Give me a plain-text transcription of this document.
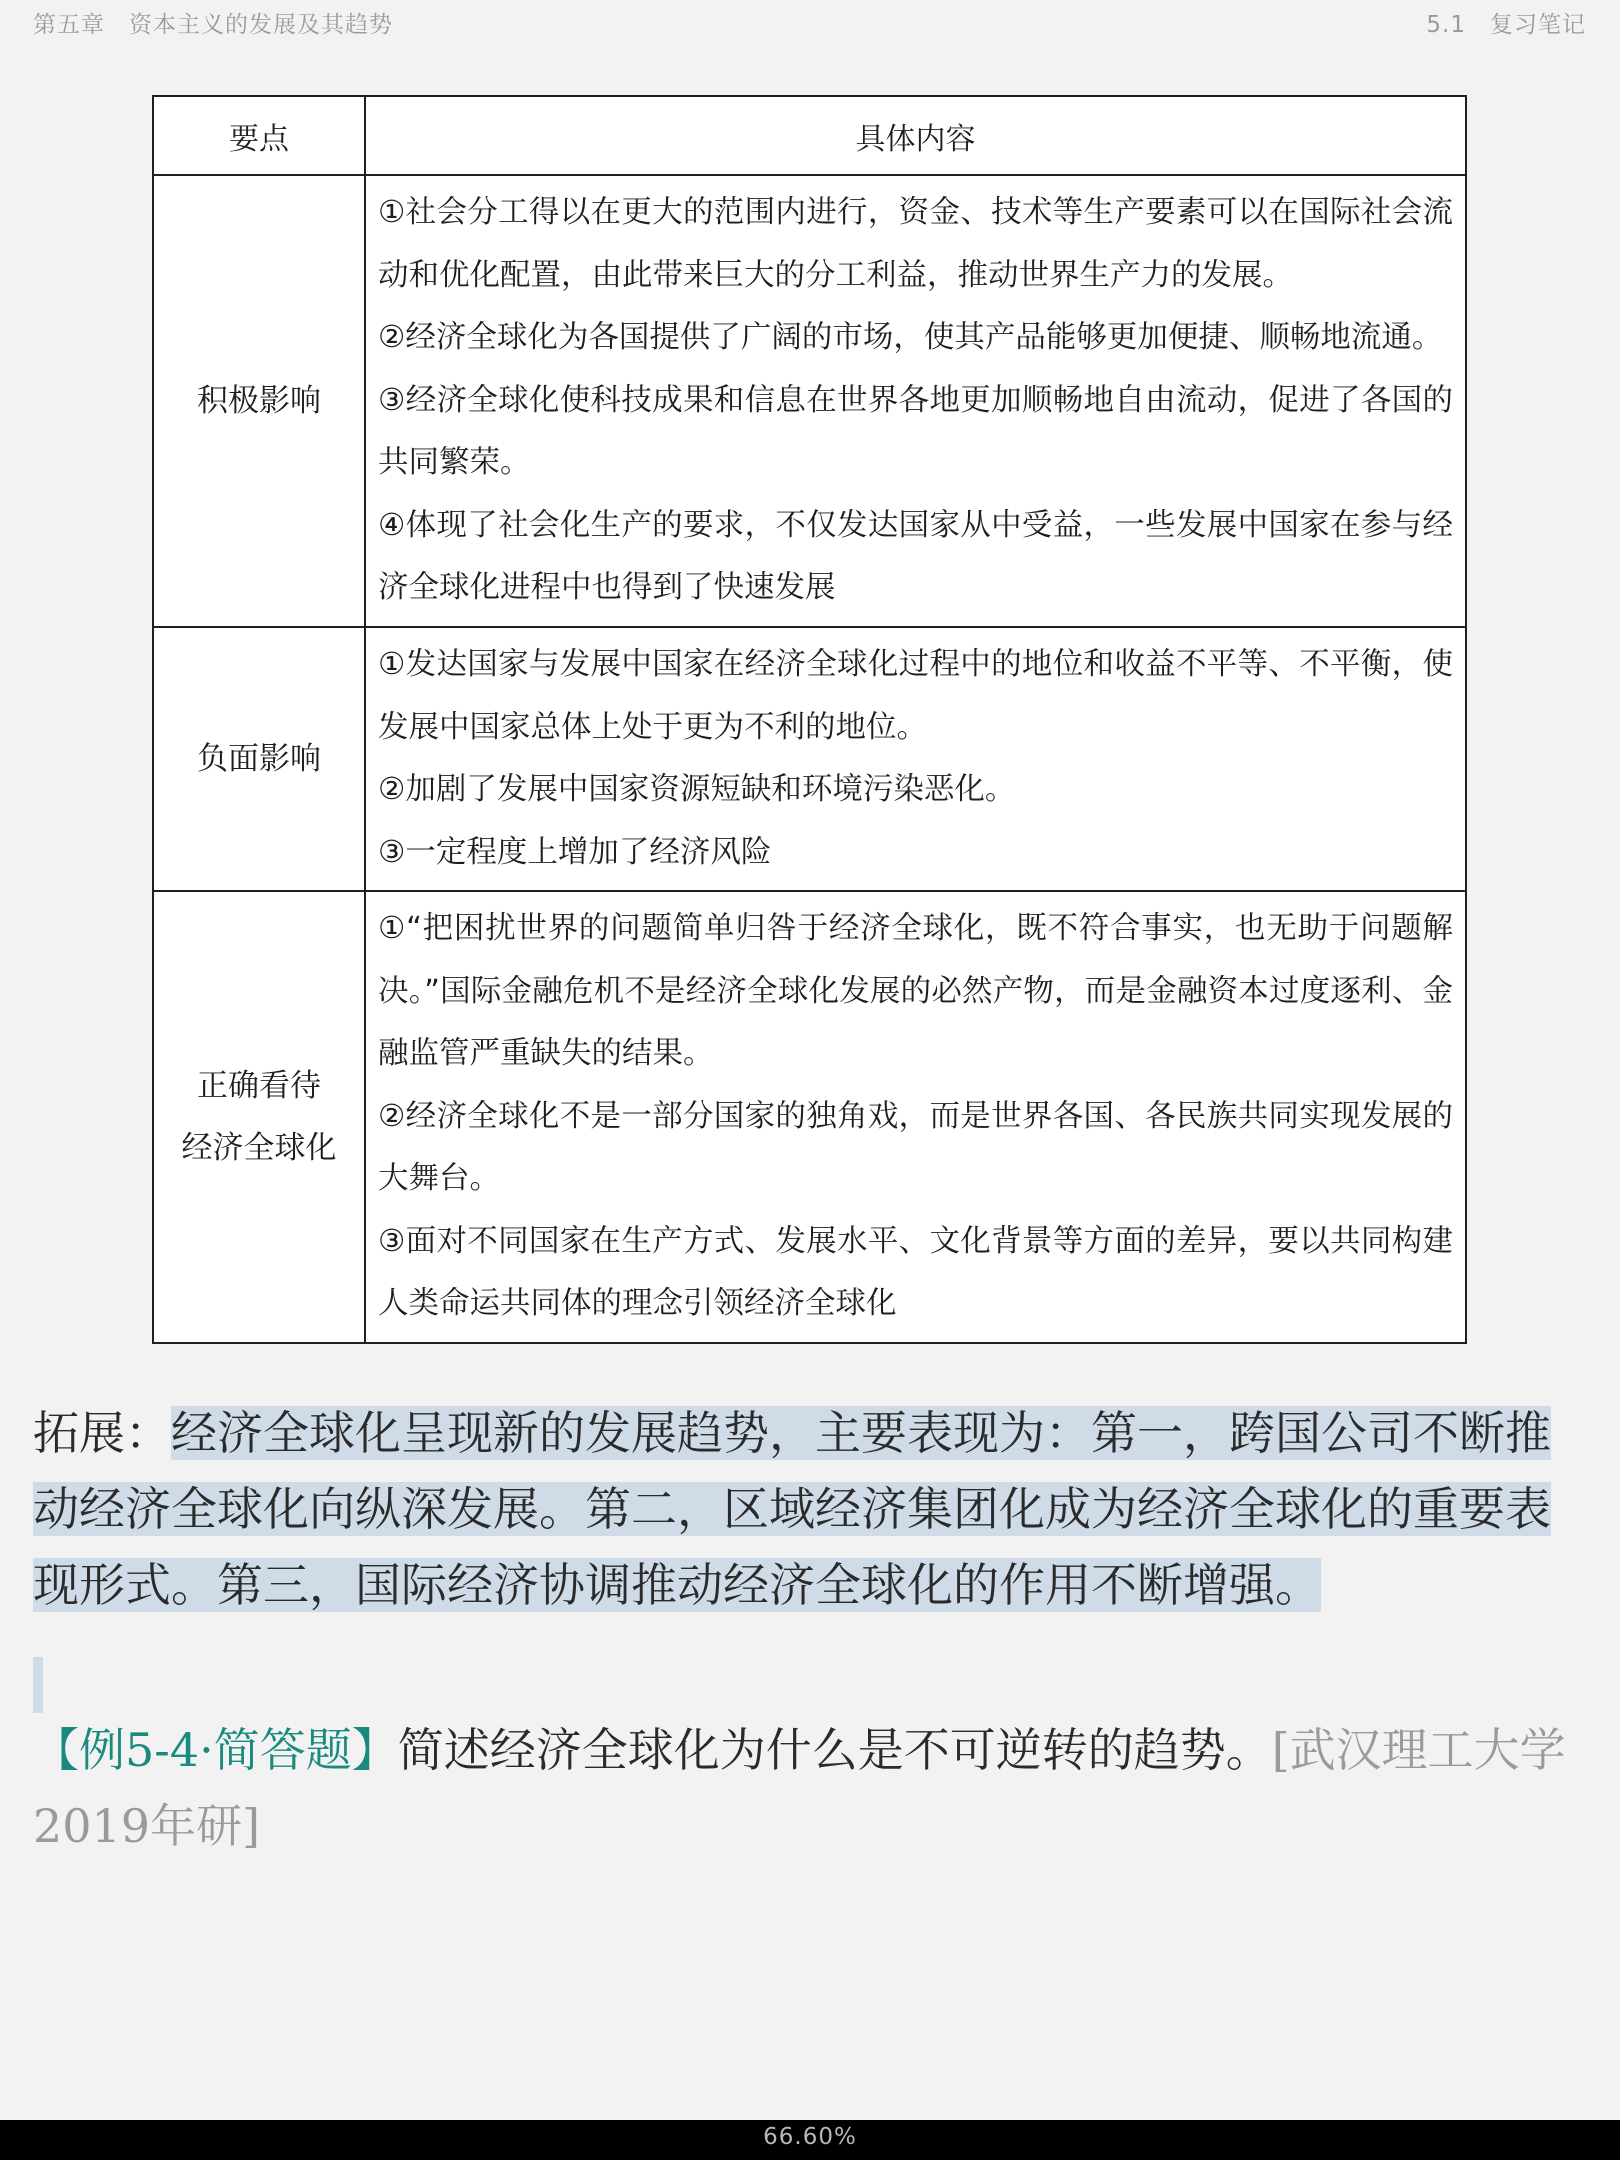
第五章　资本主义的发展及其趋势	5.1　复习笔记
要点	具体内容
积极影响	①社会分工得以在更大的范围内进行，资金、技术等生产要素可以在国际社会流动和优化配置，由此带来巨大的分工利益，推动世界生产力的发展。
②经济全球化为各国提供了广阔的市场，使其产品能够更加便捷、顺畅地流通。
③经济全球化使科技成果和信息在世界各地更加顺畅地自由流动，促进了各国的共同繁荣。
④体现了社会化生产的要求，不仅发达国家从中受益，一些发展中国家在参与经济全球化进程中也得到了快速发展

负面影响	①发达国家与发展中国家在经济全球化过程中的地位和收益不平等、不平衡，使发展中国家总体上处于更为不利的地位。
②加剧了发展中国家资源短缺和环境污染恶化。
③一定程度上增加了经济风险

正确看待
经济全球化	①“把困扰世界的问题简单归咎于经济全球化，既不符合事实，也无助于问题解决。”国际金融危机不是经济全球化发展的必然产物，而是金融资本过度逐利、金融监管严重缺失的结果。
②经济全球化不是一部分国家的独角戏，而是世界各国、各民族共同实现发展的大舞台。
③面对不同国家在生产方式、发展水平、文化背景等方面的差异，要以共同构建人类命运共同体的理念引领经济全球化
拓展：经济全球化呈现新的发展趋势，主要表现为：第一，跨国公司不断推动经济全球化向纵深发展。第二，区域经济集团化成为经济全球化的重要表现形式。第三，国际经济协调推动经济全球化的作用不断增强。
【例5-4·简答题】简述经济全球化为什么是不可逆转的趋势。[武汉理工大学2019年研]
66.60%
